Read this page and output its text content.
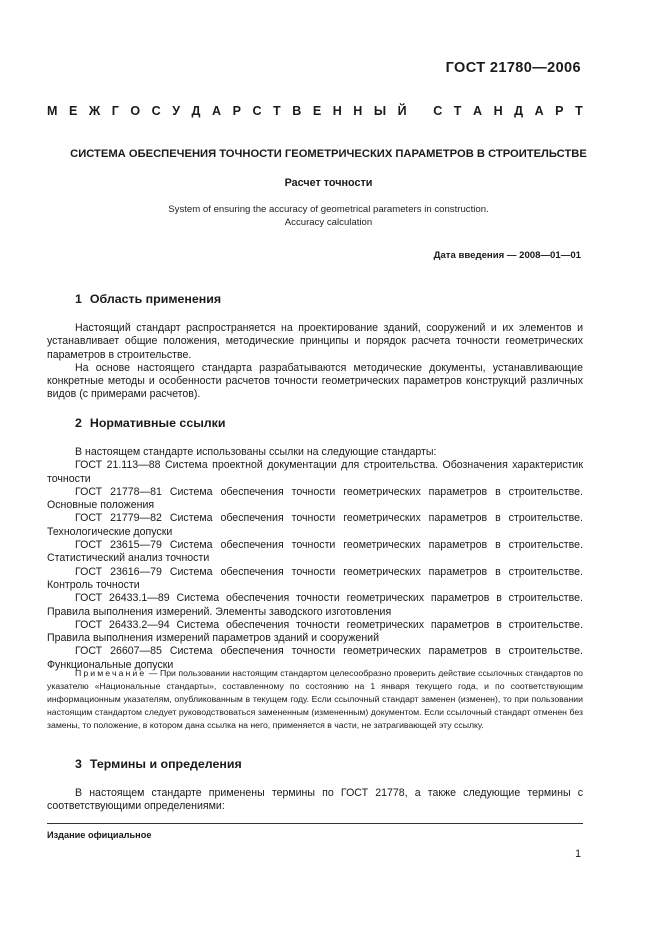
ГОСТ 21780—2006
М Е Ж Г О С У Д А Р С Т В Е Н Н Ы Й
С Т А Н Д А Р Т
СИСТЕМА ОБЕСПЕЧЕНИЯ ТОЧНОСТИ ГЕОМЕТРИЧЕСКИХ ПАРАМЕТРОВ В СТРОИТЕЛЬСТВЕ
Расчет точности
System of ensuring the accuracy of geometrical parameters in construction.
Accuracy calculation
Дата введения — 2008—01—01
1 Область применения

Настоящий стандарт распространяется на проектирование зданий, сооружений и их элементов и устанавливает общие положения, методические принципы и порядок расчета точности геометрических параметров в строительстве.

На основе настоящего стандарта разрабатываются методические документы, устанавливающие конкретные методы и особенности расчетов точности геометрических параметров конструкций различных видов (с примерами расчетов).

2 Нормативные ссылки

В настоящем стандарте использованы ссылки на следующие стандарты:

ГОСТ 21.113—88 Система проектной документации для строительства. Обозначения характеристик точности

ГОСТ 21778—81 Система обеспечения точности геометрических параметров в строительстве. Основные положения

ГОСТ 21779—82 Система обеспечения точности геометрических параметров в строительстве. Технологические допуски

ГОСТ 23615—79 Система обеспечения точности геометрических параметров в строительстве. Статистический анализ точности

ГОСТ 23616—79 Система обеспечения точности геометрических параметров в строительстве. Контроль точности

ГОСТ 26433.1—89 Система обеспечения точности геометрических параметров в строительстве. Правила выполнения измерений. Элементы заводского изготовления

ГОСТ 26433.2—94 Система обеспечения точности геометрических параметров в строительстве. Правила выполнения измерений параметров зданий и сооружений

ГОСТ 26607—85 Система обеспечения точности геометрических параметров в строительстве. Функциональные допуски

Примечание — При пользовании настоящим стандартом целесообразно проверить действие ссылочных стандартов по указателю «Национальные стандарты», составленному по состоянию на 1 января текущего года, и по соответствующим информационным указателям, опубликованным в текущем году. Если ссылочный стандарт заменен (изменен), то при пользовании настоящим стандартом следует руководствоваться замененным (измененным) документом. Если ссылочный стандарт отменен без замены, то положение, в котором дана ссылка на него, применяется в части, не затрагивающей эту ссылку.

3 Термины и определения

В настоящем стандарте применены термины по ГОСТ 21778, а также следующие термины с соответствующими определениями:

Издание официальное
1
